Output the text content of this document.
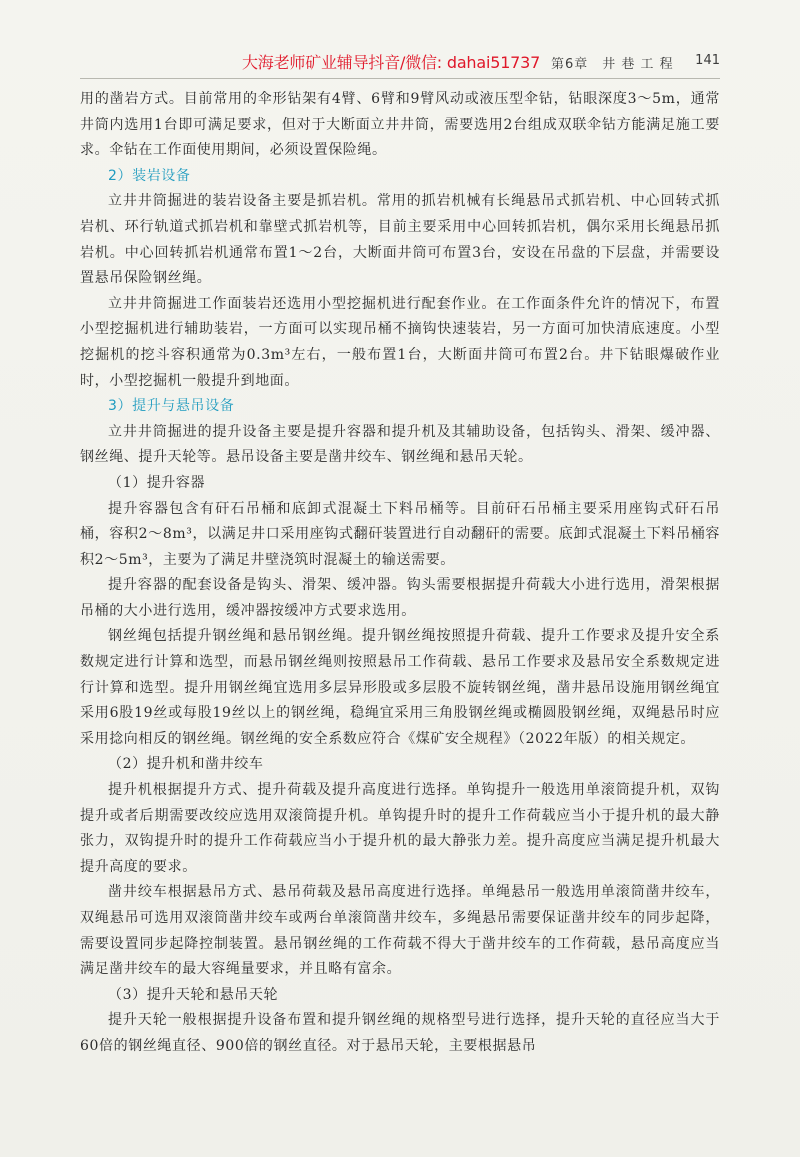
大海老师矿业辅导抖音/微信: dahai51737 第6章　井 巷 工 程 141

用的凿岩方式。目前常用的伞形钻架有4臂、6臂和9臂风动或液压型伞钻，钻眼深度3～5m，通常井筒内选用1台即可满足要求，但对于大断面立井井筒，需要选用2台组成双联伞钻方能满足施工要求。伞钻在工作面使用期间，必须设置保险绳。

2）装岩设备

立井井筒掘进的装岩设备主要是抓岩机。常用的抓岩机械有长绳悬吊式抓岩机、中心回转式抓岩机、环行轨道式抓岩机和靠壁式抓岩机等，目前主要采用中心回转抓岩机，偶尔采用长绳悬吊抓岩机。中心回转抓岩机通常布置1～2台，大断面井筒可布置3台，安设在吊盘的下层盘，并需要设置悬吊保险钢丝绳。

立井井筒掘进工作面装岩还选用小型挖掘机进行配套作业。在工作面条件允许的情况下，布置小型挖掘机进行辅助装岩，一方面可以实现吊桶不摘钩快速装岩，另一方面可加快清底速度。小型挖掘机的挖斗容积通常为0.3m³左右，一般布置1台，大断面井筒可布置2台。井下钻眼爆破作业时，小型挖掘机一般提升到地面。

3）提升与悬吊设备

立井井筒掘进的提升设备主要是提升容器和提升机及其辅助设备，包括钩头、滑架、缓冲器、钢丝绳、提升天轮等。悬吊设备主要是凿井绞车、钢丝绳和悬吊天轮。

（1）提升容器

提升容器包含有矸石吊桶和底卸式混凝土下料吊桶等。目前矸石吊桶主要采用座钩式矸石吊桶，容积2～8m³，以满足井口采用座钩式翻矸装置进行自动翻矸的需要。底卸式混凝土下料吊桶容积2～5m³，主要为了满足井壁浇筑时混凝土的输送需要。

提升容器的配套设备是钩头、滑架、缓冲器。钩头需要根据提升荷载大小进行选用，滑架根据吊桶的大小进行选用，缓冲器按缓冲方式要求选用。

钢丝绳包括提升钢丝绳和悬吊钢丝绳。提升钢丝绳按照提升荷载、提升工作要求及提升安全系数规定进行计算和选型，而悬吊钢丝绳则按照悬吊工作荷载、悬吊工作要求及悬吊安全系数规定进行计算和选型。提升用钢丝绳宜选用多层异形股或多层股不旋转钢丝绳，凿井悬吊设施用钢丝绳宜采用6股19丝或每股19丝以上的钢丝绳，稳绳宜采用三角股钢丝绳或椭圆股钢丝绳，双绳悬吊时应采用捻向相反的钢丝绳。钢丝绳的安全系数应符合《煤矿安全规程》（2022年版）的相关规定。

（2）提升机和凿井绞车

提升机根据提升方式、提升荷载及提升高度进行选择。单钩提升一般选用单滚筒提升机，双钩提升或者后期需要改绞应选用双滚筒提升机。单钩提升时的提升工作荷载应当小于提升机的最大静张力，双钩提升时的提升工作荷载应当小于提升机的最大静张力差。提升高度应当满足提升机最大提升高度的要求。

凿井绞车根据悬吊方式、悬吊荷载及悬吊高度进行选择。单绳悬吊一般选用单滚筒凿井绞车，双绳悬吊可选用双滚筒凿井绞车或两台单滚筒凿井绞车，多绳悬吊需要保证凿井绞车的同步起降，需要设置同步起降控制装置。悬吊钢丝绳的工作荷载不得大于凿井绞车的工作荷载，悬吊高度应当满足凿井绞车的最大容绳量要求，并且略有富余。

（3）提升天轮和悬吊天轮

提升天轮一般根据提升设备布置和提升钢丝绳的规格型号进行选择，提升天轮的直径应当大于60倍的钢丝绳直径、900倍的钢丝直径。对于悬吊天轮，主要根据悬吊
